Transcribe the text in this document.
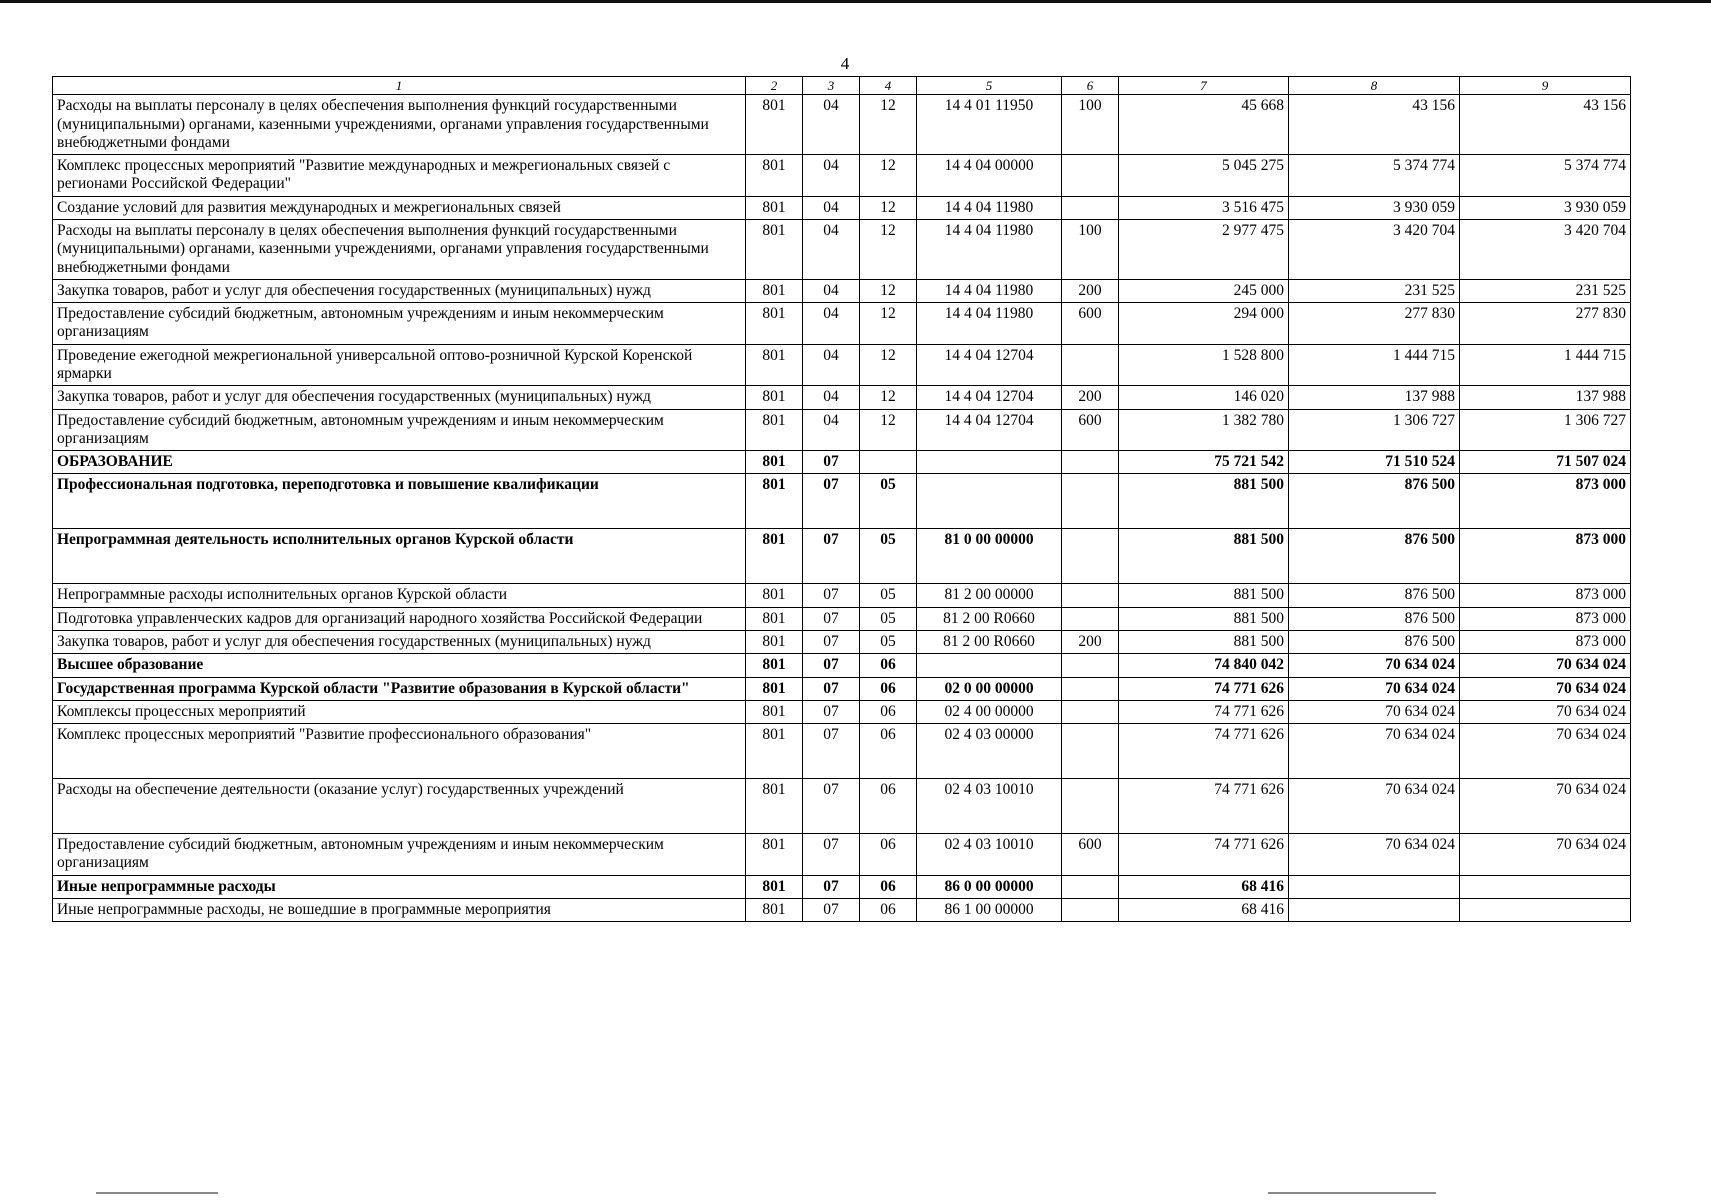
4
1	2	3	4	5	6	7	8	9
Расходы на выплаты персоналу в целях обеспечения выполнения функций государственными (муниципальными) органами, казенными учреждениями, органами управления государственными внебюджетными фондами	801	04	12	14 4 01 11950	100	45 668	43 156	43 156
Комплекс процессных мероприятий "Развитие международных и межрегиональных связей с регионами Российской Федерации"	801	04	12	14 4 04 00000		5 045 275	5 374 774	5 374 774
Создание условий для развития международных и межрегиональных связей	801	04	12	14 4 04 11980		3 516 475	3 930 059	3 930 059
Расходы на выплаты персоналу в целях обеспечения выполнения функций государственными (муниципальными) органами, казенными учреждениями, органами управления государственными внебюджетными фондами	801	04	12	14 4 04 11980	100	2 977 475	3 420 704	3 420 704
Закупка товаров, работ и услуг для обеспечения государственных (муниципальных) нужд	801	04	12	14 4 04 11980	200	245 000	231 525	231 525
Предоставление субсидий бюджетным, автономным учреждениям и иным некоммерческим организациям	801	04	12	14 4 04 11980	600	294 000	277 830	277 830
Проведение ежегодной межрегиональной универсальной оптово-розничной Курской Коренской ярмарки	801	04	12	14 4 04 12704		1 528 800	1 444 715	1 444 715
Закупка товаров, работ и услуг для обеспечения государственных (муниципальных) нужд	801	04	12	14 4 04 12704	200	146 020	137 988	137 988
Предоставление субсидий бюджетным, автономным учреждениям и иным некоммерческим организациям	801	04	12	14 4 04 12704	600	1 382 780	1 306 727	1 306 727
ОБРАЗОВАНИЕ	801	07				75 721 542	71 510 524	71 507 024
Профессиональная подготовка, переподготовка и повышение квалификации	801	07	05			881 500	876 500	873 000
Непрограммная деятельность исполнительных органов Курской области	801	07	05	81 0 00 00000		881 500	876 500	873 000
Непрограммные расходы исполнительных органов Курской области	801	07	05	81 2 00 00000		881 500	876 500	873 000
Подготовка управленческих кадров для организаций народного хозяйства Российской Федерации	801	07	05	81 2 00 R0660		881 500	876 500	873 000
Закупка товаров, работ и услуг для обеспечения государственных (муниципальных) нужд	801	07	05	81 2 00 R0660	200	881 500	876 500	873 000
Высшее образование	801	07	06			74 840 042	70 634 024	70 634 024
Государственная программа Курской области "Развитие образования в Курской области"	801	07	06	02 0 00 00000		74 771 626	70 634 024	70 634 024
Комплексы процессных мероприятий	801	07	06	02 4 00 00000		74 771 626	70 634 024	70 634 024
Комплекс процессных мероприятий "Развитие профессионального образования"	801	07	06	02 4 03 00000		74 771 626	70 634 024	70 634 024
Расходы на обеспечение деятельности (оказание услуг) государственных учреждений	801	07	06	02 4 03 10010		74 771 626	70 634 024	70 634 024
Предоставление субсидий бюджетным, автономным учреждениям и иным некоммерческим организациям	801	07	06	02 4 03 10010	600	74 771 626	70 634 024	70 634 024
Иные непрограммные расходы	801	07	06	86 0 00 00000		68 416		
Иные непрограммные расходы, не вошедшие в программные мероприятия	801	07	06	86 1 00 00000		68 416		
